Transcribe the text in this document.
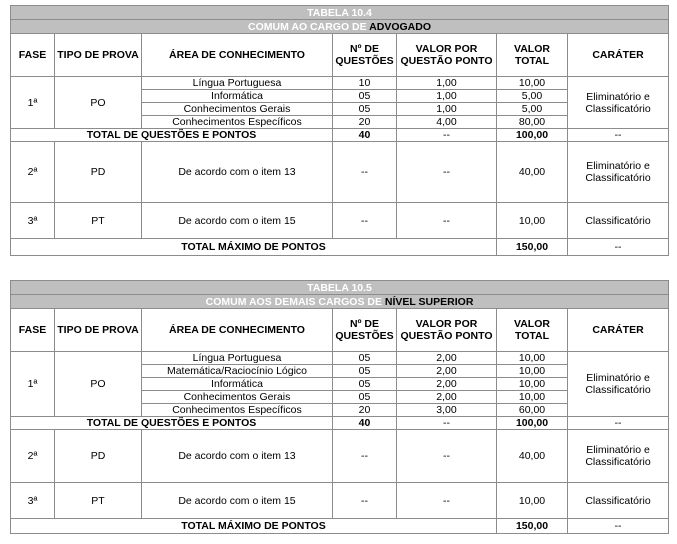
TABELA 10.4						
COMUM AO CARGO DE ADVOGADO						
FASE	TIPO DE PROVA	ÁREA DE CONHECIMENTO	Nº DE QUESTÕES	VALOR POR QUESTÃO PONTO	VALOR TOTAL	CARÁTER
1ª	PO	Língua Portuguesa	10	1,00	10,00	Eliminatório e Classificatório
		Informática	05	1,00	5,00	
		Conhecimentos Gerais	05	1,00	5,00	
		Conhecimentos Específicos	20	4,00	80,00	
TOTAL DE QUESTÕES E PONTOS			40	--	100,00	--
2ª	PD	De acordo com o item 13	--	--	40,00	Eliminatório e Classificatório
3ª	PT	De acordo com o item 15	--	--	10,00	Classificatório
TOTAL MÁXIMO DE PONTOS					150,00	--
TABELA 10.5						
COMUM AOS DEMAIS CARGOS DE NÍVEL SUPERIOR						
FASE	TIPO DE PROVA	ÁREA DE CONHECIMENTO	Nº DE QUESTÕES	VALOR POR QUESTÃO PONTO	VALOR TOTAL	CARÁTER
1ª	PO	Língua Portuguesa	05	2,00	10,00	Eliminatório e Classificatório
		Matemática/Raciocínio Lógico	05	2,00	10,00	
		Informática	05	2,00	10,00	
		Conhecimentos Gerais	05	2,00	10,00	
		Conhecimentos Específicos	20	3,00	60,00	
TOTAL DE QUESTÕES E PONTOS			40	--	100,00	--
2ª	PD	De acordo com o item 13	--	--	40,00	Eliminatório e Classificatório
3ª	PT	De acordo com o item 15	--	--	10,00	Classificatório
TOTAL MÁXIMO DE PONTOS					150,00	--
